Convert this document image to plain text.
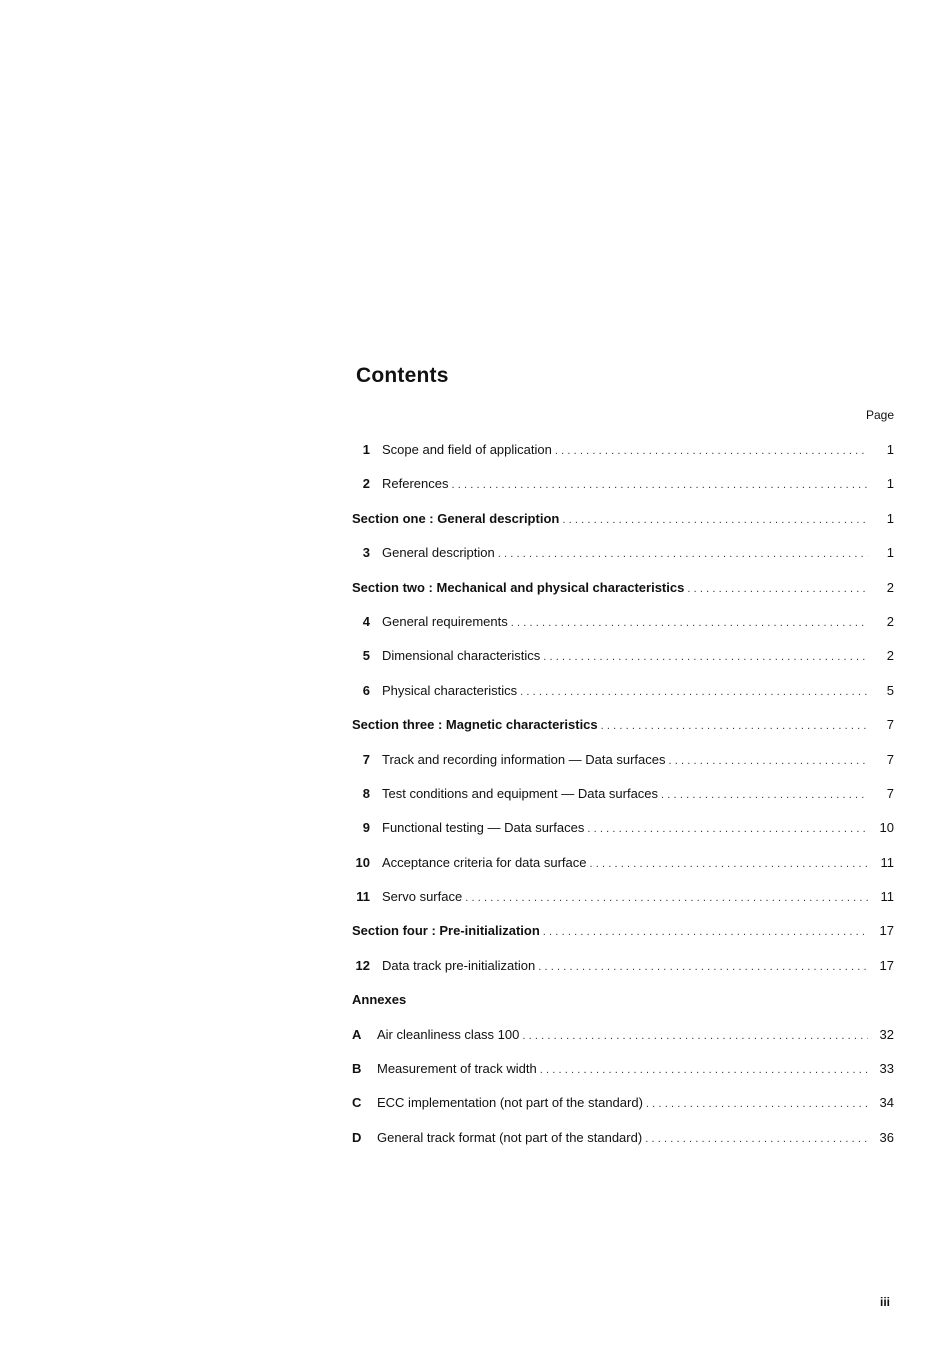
Contents
Page
1 Scope and field of application .....	1
2 References .....	1
Section one : General description .....	1
3 General description .....	1
Section two : Mechanical and physical characteristics .....	2
4 General requirements .....	2
5 Dimensional characteristics .....	2
6 Physical characteristics .....	5
Section three : Magnetic characteristics .....	7
7 Track and recording information — Data surfaces .....	7
8 Test conditions and equipment — Data surfaces .....	7
9 Functional testing — Data surfaces .....	10
10 Acceptance criteria for data surface .....	11
11 Servo surface .....	11
Section four : Pre-initialization .....	17
12 Data track pre-initialization .....	17
Annexes
A	Air cleanliness class 100 .....	32
B	Measurement of track width .....	33
C	ECC implementation (not part of the standard) .....	34
D	General track format (not part of the standard) .....	36
iii
